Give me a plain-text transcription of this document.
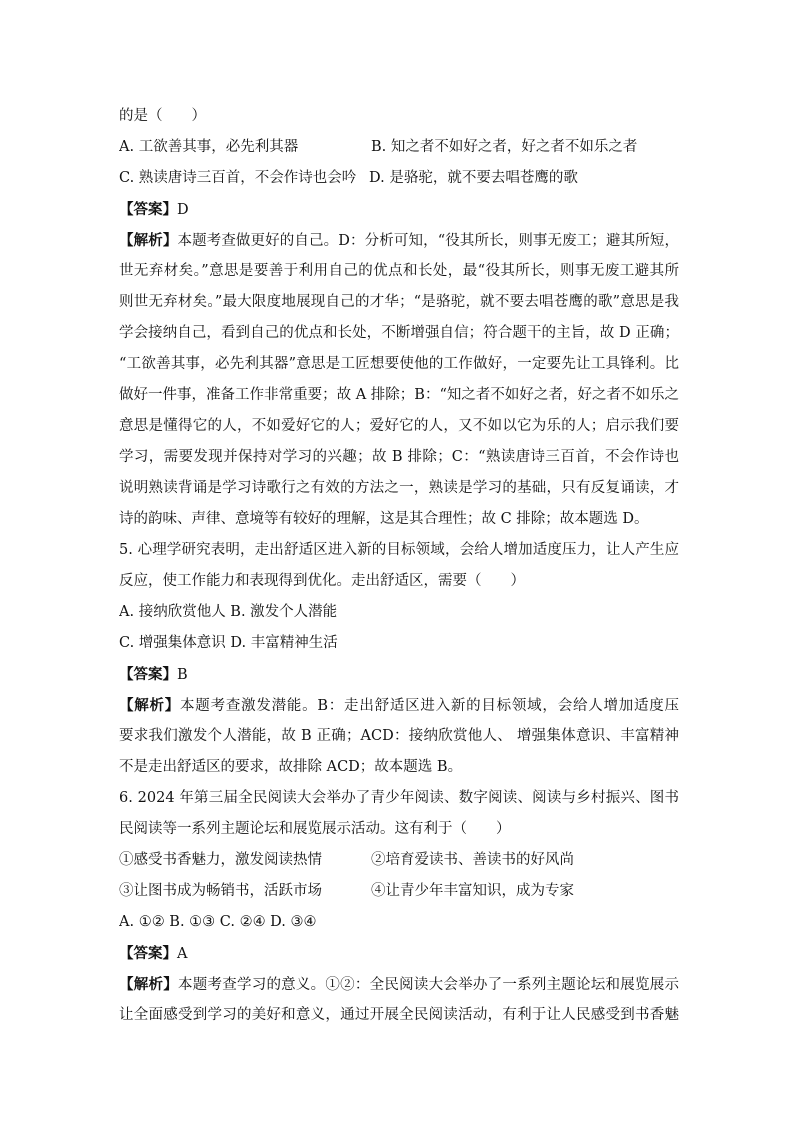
的是（　　）
A. 工欲善其事，必先利其器	B. 知之者不如好之者，好之者不如乐之者
C. 熟读唐诗三百首，不会作诗也会吟 D. 是骆驼，就不要去唱苍鹰的歌
【答案】D
【解析】本题考查做更好的自己。D：分析可知，“役其所长，则事无废工；避其所短，
世无弃材矣。”意思是要善于利用自己的优点和长处，最“役其所长，则事无废工避其所
则世无弃材矣。”最大限度地展现自己的才华；“是骆驼，就不要去唱苍鹰的歌”意思是我
学会接纳自己，看到自己的优点和长处，不断增强自信；符合题干的主旨，故 D 正确；
“工欲善其事，必先利其器”意思是工匠想要使他的工作做好，一定要先让工具锋利。比
做好一件事，准备工作非常重要；故 A 排除；B：“知之者不如好之者，好之者不如乐之
意思是懂得它的人，不如爱好它的人；爱好它的人，又不如以它为乐的人；启示我们要
学习，需要发现并保持对学习的兴趣；故 B 排除；C：“熟读唐诗三百首，不会作诗也
说明熟读背诵是学习诗歌行之有效的方法之一，熟读是学习的基础，只有反复诵读，才
诗的韵味、声律、意境等有较好的理解，这是其合理性；故 C 排除；故本题选 D。
5. 心理学研究表明，走出舒适区进入新的目标领域，会给人增加适度压力，让人产生应
反应，使工作能力和表现得到优化。走出舒适区，需要（　　）
A. 接纳欣赏他人 B. 激发个人潜能
C. 增强集体意识 D. 丰富精神生活
【答案】B
【解析】本题考查激发潜能。B：走出舒适区进入新的目标领域，会给人增加适度压
要求我们激发个人潜能，故 B 正确；ACD：接纳欣赏他人、 增强集体意识、丰富精神
不是走出舒适区的要求，故排除 ACD；故本题选 B。
6. 2024 年第三届全民阅读大会举办了青少年阅读、数字阅读、阅读与乡村振兴、图书
民阅读等一系列主题论坛和展览展示活动。这有利于（　　）
①感受书香魅力，激发阅读热情	②培育爱读书、善读书的好风尚
③让图书成为畅销书，活跃市场	④让青少年丰富知识，成为专家
A. ①② B. ①③ C. ②④ D. ③④
【答案】A
【解析】本题考查学习的意义。①②：全民阅读大会举办了一系列主题论坛和展览展示
让全面感受到学习的美好和意义，通过开展全民阅读活动，有利于让人民感受到书香魅
